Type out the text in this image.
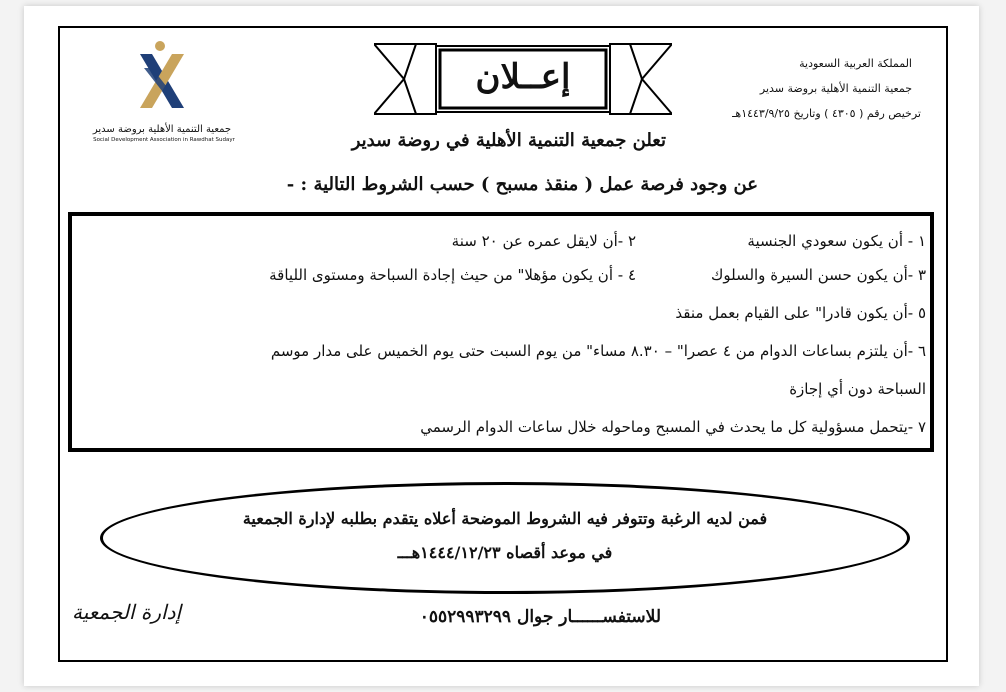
المملكة العربية السعودية
جمعية التنمية الأهلية بروضة سدير
ترخيص رقم ( ٤٣٠٥ ) وتاريخ ١٤٤٣/٩/٢٥هـ
جمعية التنمية الأهلية بروضة سدير
Social Development Association in Rawdhat Sudayr
إعــلان
تعلن جمعية التنمية الأهلية في روضة سدير
عن وجود فرصة عمل ( منقذ مسبح ) حسب الشروط التالية : -
١ - أن يكون سعودي الجنسية
٢ -أن لايقل عمره عن ٢٠ سنة
٣ -أن يكون حسن السيرة والسلوك
٤ - أن يكون مؤهلا" من حيث إجادة السباحة ومستوى اللياقة
٥ -أن يكون قادرا" على القيام بعمل منقذ
٦ -أن يلتزم بساعات الدوام من ٤ عصرا" – ٨.٣٠ مساء" من يوم السبت حتى يوم الخميس على مدار موسم
السباحة دون أي إجازة
٧ -يتحمل مسؤولية كل ما يحدث في المسبح وماحوله خلال ساعات الدوام الرسمي
فمن لديه الرغبة وتتوفر فيه الشروط الموضحة أعلاه يتقدم بطلبه لإدارة الجمعية
في موعد أقصاه ١٤٤٤/١٢/٢٣هـــ
للاستفســــــار جوال ٠٥٥٢٩٩٣٢٩٩
إدارة الجمعية
